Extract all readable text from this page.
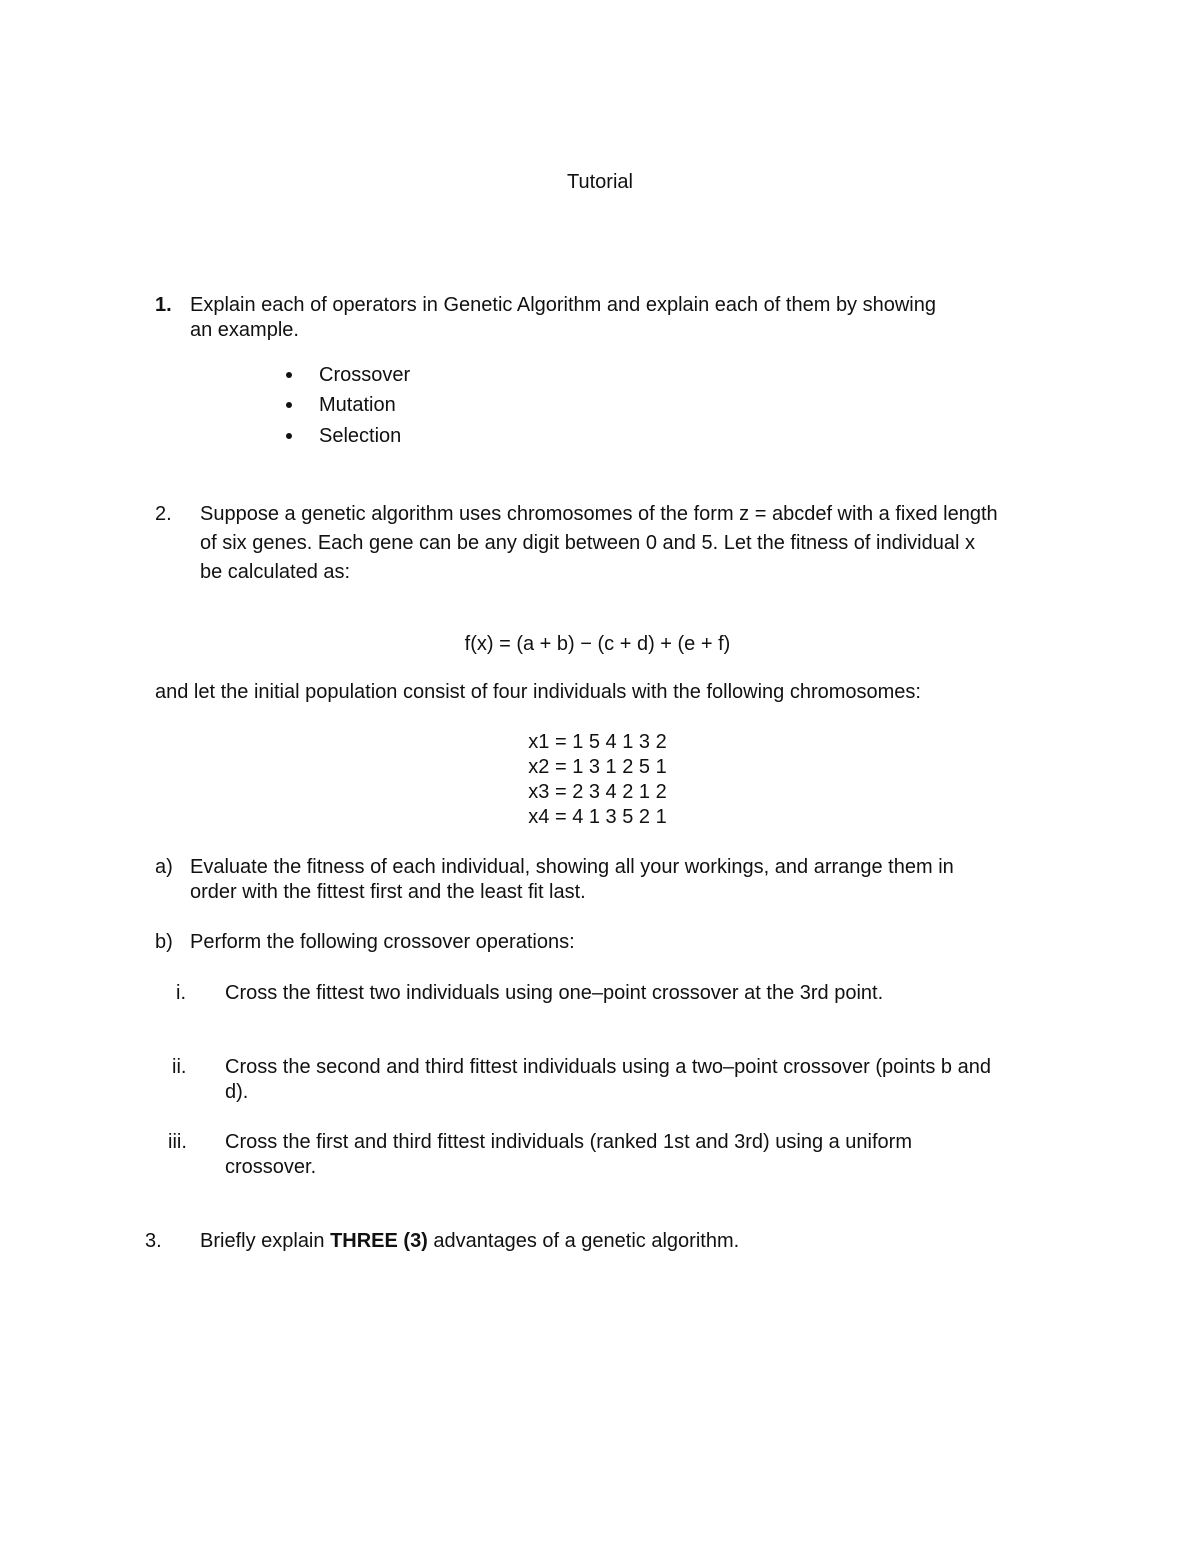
Tutorial
1. Explain each of operators in Genetic Algorithm and explain each of them by showing
an example.
Crossover
Mutation
Selection
2. Suppose a genetic algorithm uses chromosomes of the form z = abcdef with a fixed length
of six genes. Each gene can be any digit between 0 and 5. Let the fitness of individual x
be calculated as:
f(x) = (a + b) − (c + d) + (e + f)
and let the initial population consist of four individuals with the following chromosomes:
x1 = 1 5 4 1 3 2
x2 = 1 3 1 2 5 1
x3 = 2 3 4 2 1 2
x4 = 4 1 3 5 2 1
a) Evaluate the fitness of each individual, showing all your workings, and arrange them in
order with the fittest first and the least fit last.
b) Perform the following crossover operations:
i. Cross the fittest two individuals using one–point crossover at the 3rd point.
ii. Cross the second and third fittest individuals using a two–point crossover (points b and
d).
iii. Cross the first and third fittest individuals (ranked 1st and 3rd) using a uniform
crossover.
3. Briefly explain THREE (3) advantages of a genetic algorithm.
